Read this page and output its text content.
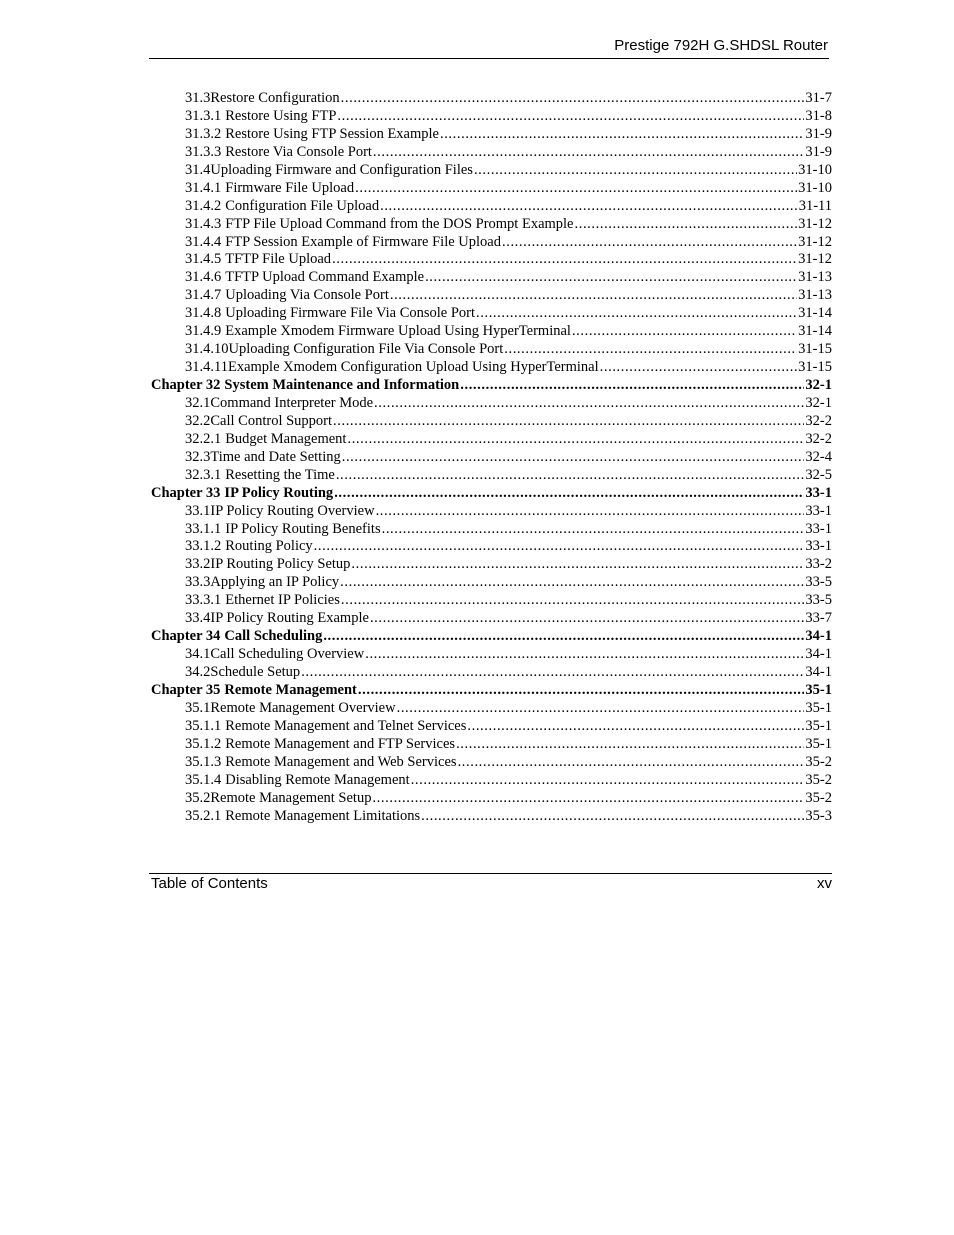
Prestige 792H G.SHDSL Router
31.3 Restore Configuration .....	31-7
31.3.1 Restore Using FTP .....	31-8
31.3.2 Restore Using FTP Session Example .....	31-9
31.3.3 Restore Via Console Port .....	31-9
31.4 Uploading Firmware and Configuration Files .....	31-10
31.4.1 Firmware File Upload .....	31-10
31.4.2 Configuration File Upload .....	31-11
31.4.3 FTP File Upload Command from the DOS Prompt Example .....	31-12
31.4.4 FTP Session Example of Firmware File Upload .....	31-12
31.4.5 TFTP File Upload .....	31-12
31.4.6 TFTP Upload Command Example .....	31-13
31.4.7 Uploading Via Console Port .....	31-13
31.4.8 Uploading Firmware File Via Console Port .....	31-14
31.4.9 Example Xmodem Firmware Upload Using HyperTerminal .....	31-14
31.4.10 Uploading Configuration File Via Console Port .....	31-15
31.4.11 Example Xmodem Configuration Upload Using HyperTerminal .....	31-15
Chapter 32 System Maintenance and Information .....	32-1
32.1 Command Interpreter Mode .....	32-1
32.2 Call Control Support .....	32-2
32.2.1 Budget Management .....	32-2
32.3 Time and Date Setting .....	32-4
32.3.1 Resetting the Time .....	32-5
Chapter 33 IP Policy Routing .....	33-1
33.1 IP Policy Routing Overview .....	33-1
33.1.1 IP Policy Routing Benefits .....	33-1
33.1.2 Routing Policy .....	33-1
33.2 IP Routing Policy Setup .....	33-2
33.3 Applying an IP Policy .....	33-5
33.3.1 Ethernet IP Policies .....	33-5
33.4 IP Policy Routing Example .....	33-7
Chapter 34 Call Scheduling .....	34-1
34.1 Call Scheduling Overview .....	34-1
34.2 Schedule Setup .....	34-1
Chapter 35 Remote Management .....	35-1
35.1 Remote Management Overview .....	35-1
35.1.1 Remote Management and Telnet Services .....	35-1
35.1.2 Remote Management and FTP Services .....	35-1
35.1.3 Remote Management and Web Services .....	35-2
35.1.4 Disabling Remote Management .....	35-2
35.2 Remote Management Setup .....	35-2
35.2.1 Remote Management Limitations .....	35-3
Table of Contents	xv
